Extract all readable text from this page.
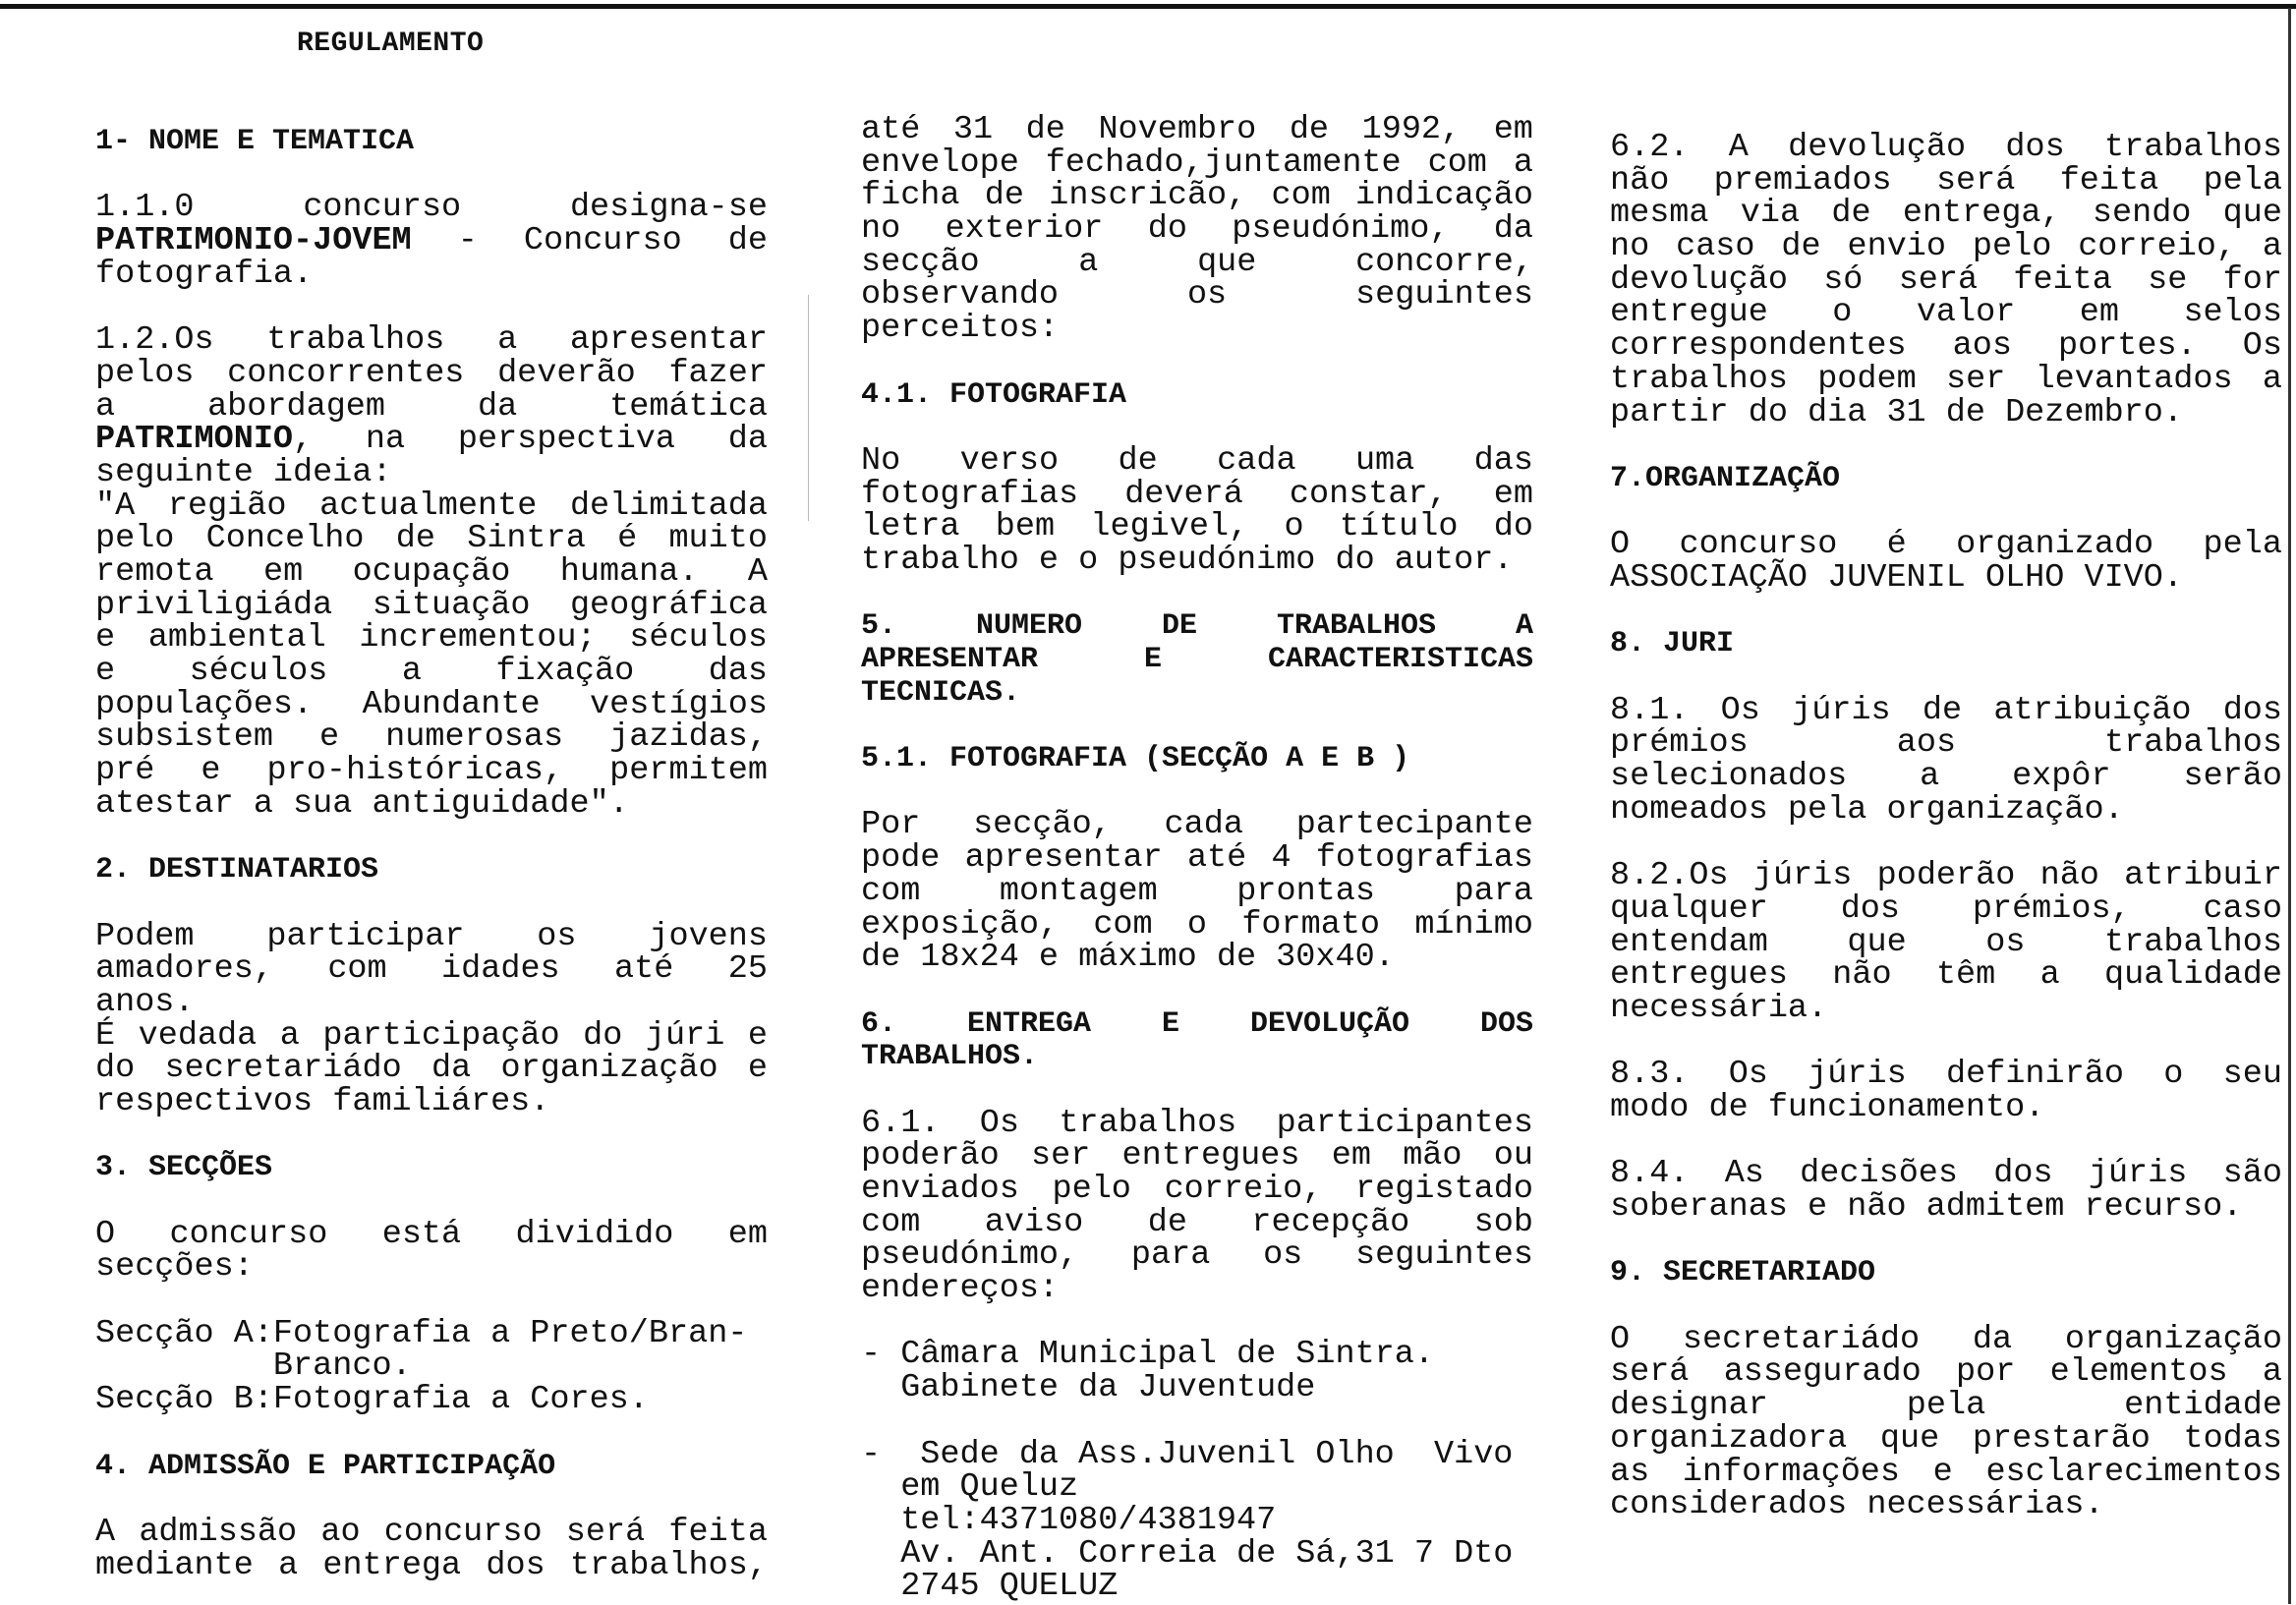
REGULAMENTO
1- NOME E TEMATICA
1.1.0	concurso	designa-se
PATRIMONIO-JOVEM - Concurso de
fotografia.
1.2.Os trabalhos a apresentar
pelos concorrentes deverão fazer
a	abordagem	da	temática
PATRIMONIO, na perspectiva da
seguinte ideia:
"A região actualmente delimitada
pelo Concelho de Sintra é muito
remota em ocupação humana. A
priviligiáda situação geográfica
e ambiental incrementou; séculos
e séculos a fixação das
populações. Abundante vestígios
subsistem e numerosas jazidas,
pré e pro-históricas, permitem
atestar a sua antiguidade".
2. DESTINATARIOS
Podem participar os jovens
amadores, com idades até 25
anos.
É vedada a participação do júri e
do secretariádo da organização e
respectivos familiáres.
3. SECÇÕES
O concurso está dividido em
secções:
Secção A:Fotografia a Preto/Bran-
Branco.
Secção B:Fotografia a Cores.
4. ADMISSÃO E PARTICIPAÇÃO
A admissão ao concurso será feita
mediante a entrega dos trabalhos,
até 31 de Novembro de 1992, em
envelope fechado,juntamente com a
ficha de inscricão, com indicação
no exterior do pseudónimo, da
secção	a	que	concorre,
observando	os	seguintes
perceitos:
4.1. FOTOGRAFIA
No verso de cada uma das
fotografias deverá constar, em
letra bem legivel, o título do
trabalho e o pseudónimo do autor.
5.	NUMERO	DE	TRABALHOS	A
APRESENTAR	E	CARACTERISTICAS
TECNICAS.
5.1. FOTOGRAFIA (SECÇÃO A E B )
Por secção, cada partecipante
pode apresentar até 4 fotografias
com montagem prontas para
exposição, com o formato mínimo
de 18x24 e máximo de 30x40.
6. ENTREGA E DEVOLUÇÃO DOS
TRABALHOS.
6.1. Os trabalhos participantes
poderão ser entregues em mão ou
enviados pelo correio, registado
com aviso de recepção sob
pseudónimo, para os seguintes
endereços:
- Câmara Municipal de Sintra.
Gabinete da Juventude
-  Sede da Ass.Juvenil Olho  Vivo
em Queluz
tel:4371080/4381947
Av. Ant. Correia de Sá,31 7 Dto
2745 QUELUZ
6.2. A devolução dos trabalhos
não premiados será feita pela
mesma via de entrega, sendo que
no caso de envio pelo correio, a
devolução só será feita se for
entregue o valor em selos
correspondentes aos portes. Os
trabalhos podem ser levantados a
partir do dia 31 de Dezembro.
7.ORGANIZAÇÃO
O concurso é organizado pela
ASSOCIAÇÃO JUVENIL OLHO VIVO.
8. JURI
8.1. Os júris de atribuição dos
prémios	aos	trabalhos
selecionados a expôr serão
nomeados pela organização.
8.2.Os júris poderão não atribuir
qualquer dos prémios, caso
entendam que os trabalhos
entregues não têm a qualidade
necessária.
8.3. Os júris definirão o seu
modo de funcionamento.
8.4. As decisões dos júris são
soberanas e não admitem recurso.
9. SECRETARIADO
O secretariádo da organização
será assegurado por elementos a
designar	pela	entidade
organizadora que prestarão todas
as informações e esclarecimentos
considerados necessárias.
